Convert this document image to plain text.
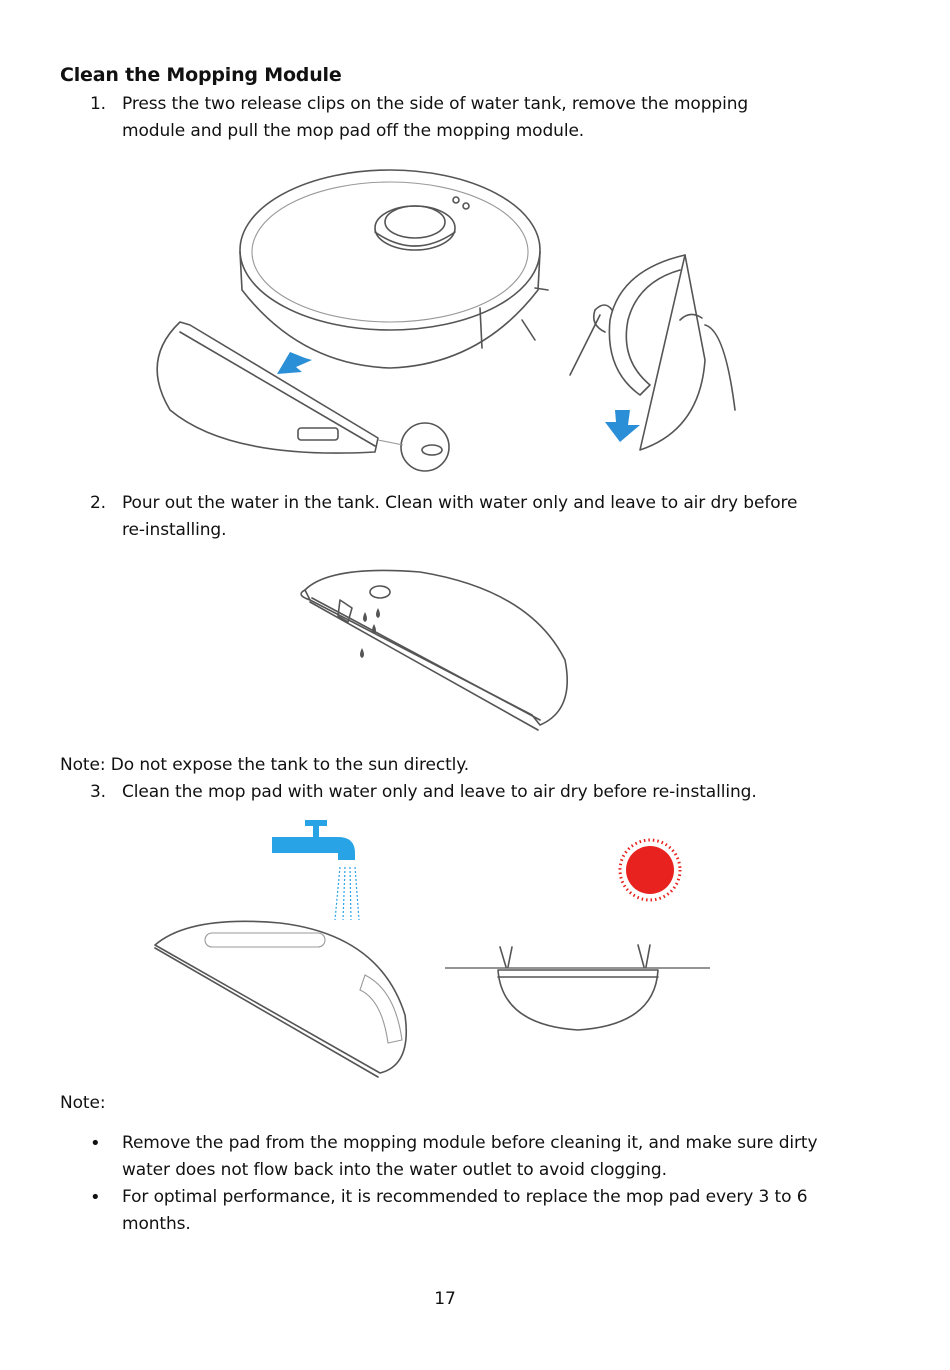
Clean the Mopping Module
1. Press the two release clips on the side of water tank, remove the mopping module and pull the mop pad off the mopping module.
2. Pour out the water in the tank. Clean with water only and leave to air dry before re-installing.
Note: Do not expose the tank to the sun directly.
3. Clean the mop pad with water only and leave to air dry before re-installing.
Note:
• Remove the pad from the mopping module before cleaning it, and make sure dirty water does not flow back into the water outlet to avoid clogging.
• For optimal performance, it is recommended to replace the mop pad every 3 to 6 months.
17
